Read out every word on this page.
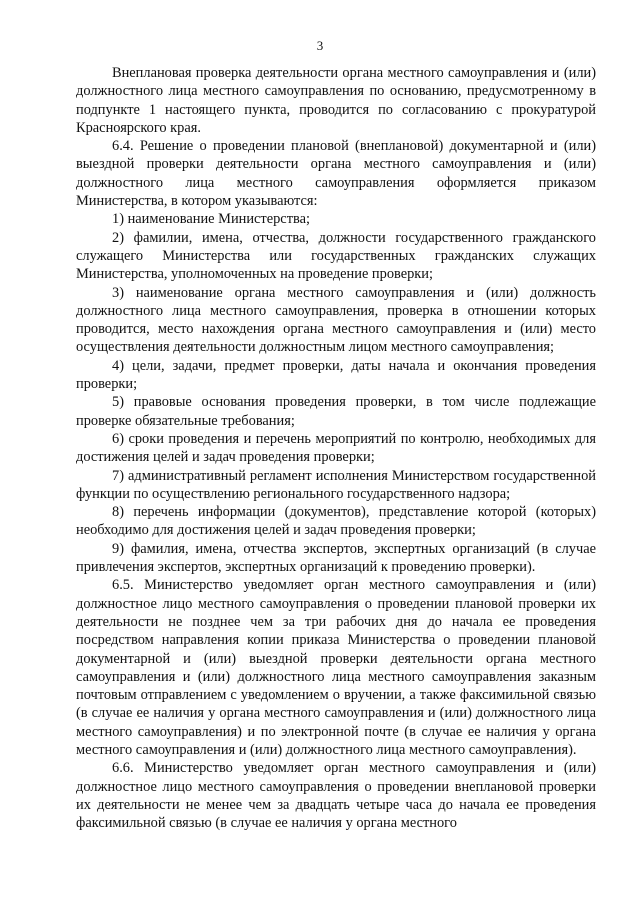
3

Внеплановая проверка деятельности органа местного самоуправления и (или) должностного лица местного самоуправления по основанию, предусмотренному в подпункте 1 настоящего пункта, проводится по согласованию с прокуратурой Красноярского края.

6.4. Решение о проведении плановой (внеплановой) документарной и (или) выездной проверки деятельности органа местного самоуправления и (или) должностного лица местного самоуправления оформляется приказом Министерства, в котором указываются:

1) наименование Министерства;

2) фамилии, имена, отчества, должности государственного гражданского служащего Министерства или государственных гражданских служащих Министерства, уполномоченных на проведение проверки;

3) наименование органа местного самоуправления и (или) должность должностного лица местного самоуправления, проверка в отношении которых проводится, место нахождения органа местного самоуправления и (или) место осуществления деятельности должностным лицом местного самоуправления;

4) цели, задачи, предмет проверки, даты начала и окончания проведения проверки;

5) правовые основания проведения проверки, в том числе подлежащие проверке обязательные требования;

6) сроки проведения и перечень мероприятий по контролю, необходимых для достижения целей и задач проведения проверки;

7) административный регламент исполнения Министерством государственной функции по осуществлению регионального государственного надзора;

8) перечень информации (документов), представление которой (которых) необходимо для достижения целей и задач проведения проверки;

9) фамилия, имена, отчества экспертов, экспертных организаций (в случае привлечения экспертов, экспертных организаций к проведению проверки).

6.5. Министерство уведомляет орган местного самоуправления и (или) должностное лицо местного самоуправления о проведении плановой проверки их деятельности не позднее чем за три рабочих дня до начала ее проведения посредством направления копии приказа Министерства о проведении плановой документарной и (или) выездной проверки деятельности органа местного самоуправления и (или) должностного лица местного самоуправления заказным почтовым отправлением с уведомлением о вручении, а также факсимильной связью (в случае ее наличия у органа местного самоуправления и (или) должностного лица местного самоуправления) и по электронной почте (в случае ее наличия у органа местного самоуправления и (или) должностного лица местного самоуправления).

6.6. Министерство уведомляет орган местного самоуправления и (или) должностное лицо местного самоуправления о проведении внеплановой проверки их деятельности не менее чем за двадцать четыре часа до начала ее проведения факсимильной связью (в случае ее наличия у органа местного
